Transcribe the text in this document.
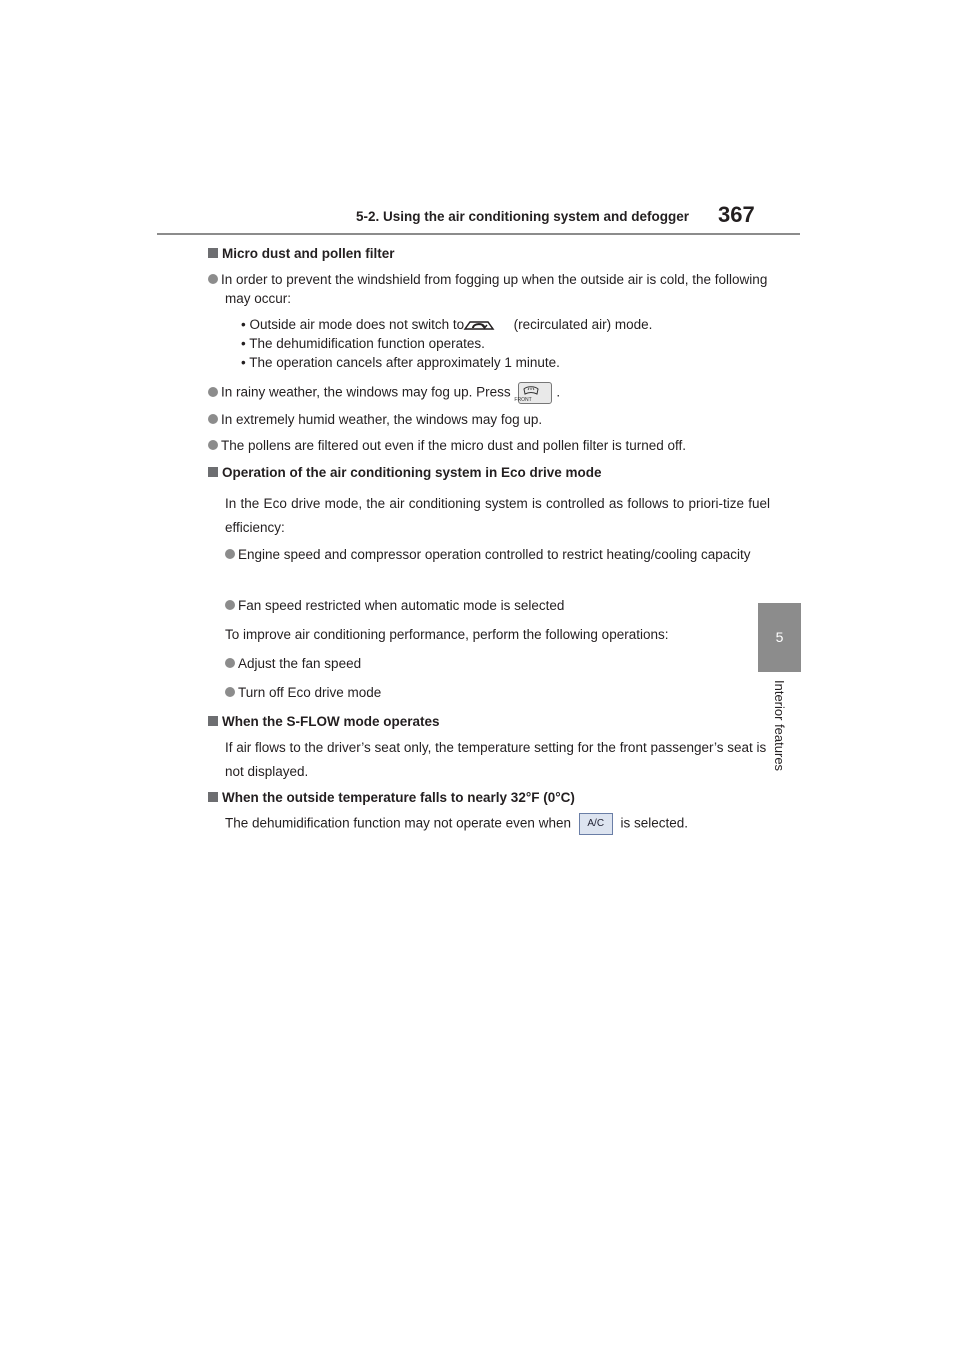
5-2. Using the air conditioning system and defogger 367
5
Interior features
Micro dust and pollen filter
In order to prevent the windshield from fogging up when the outside air is cold, the following may occur:
• Outside air mode does not switch to	(recirculated air) mode.
• The dehumidification function operates.
• The operation cancels after approximately 1 minute.
In rainy weather, the windows may fog up. Press
FRONT
.
In extremely humid weather, the windows may fog up.
The pollens are filtered out even if the micro dust and pollen filter is turned off.
Operation of the air conditioning system in Eco drive mode
In the Eco drive mode, the air conditioning system is controlled as follows to priori-tize fuel efficiency:
Engine speed and compressor operation controlled to restrict heating/cooling capacity
Fan speed restricted when automatic mode is selected
To improve air conditioning performance, perform the following operations:
Adjust the fan speed
Turn off Eco drive mode
When the S-FLOW mode operates
If air flows to the driver’s seat only, the temperature setting for the front passenger’s seat is not displayed.
When the outside temperature falls to nearly 32°F (0°C)
The dehumidification function may not operate even when A/C is selected.
